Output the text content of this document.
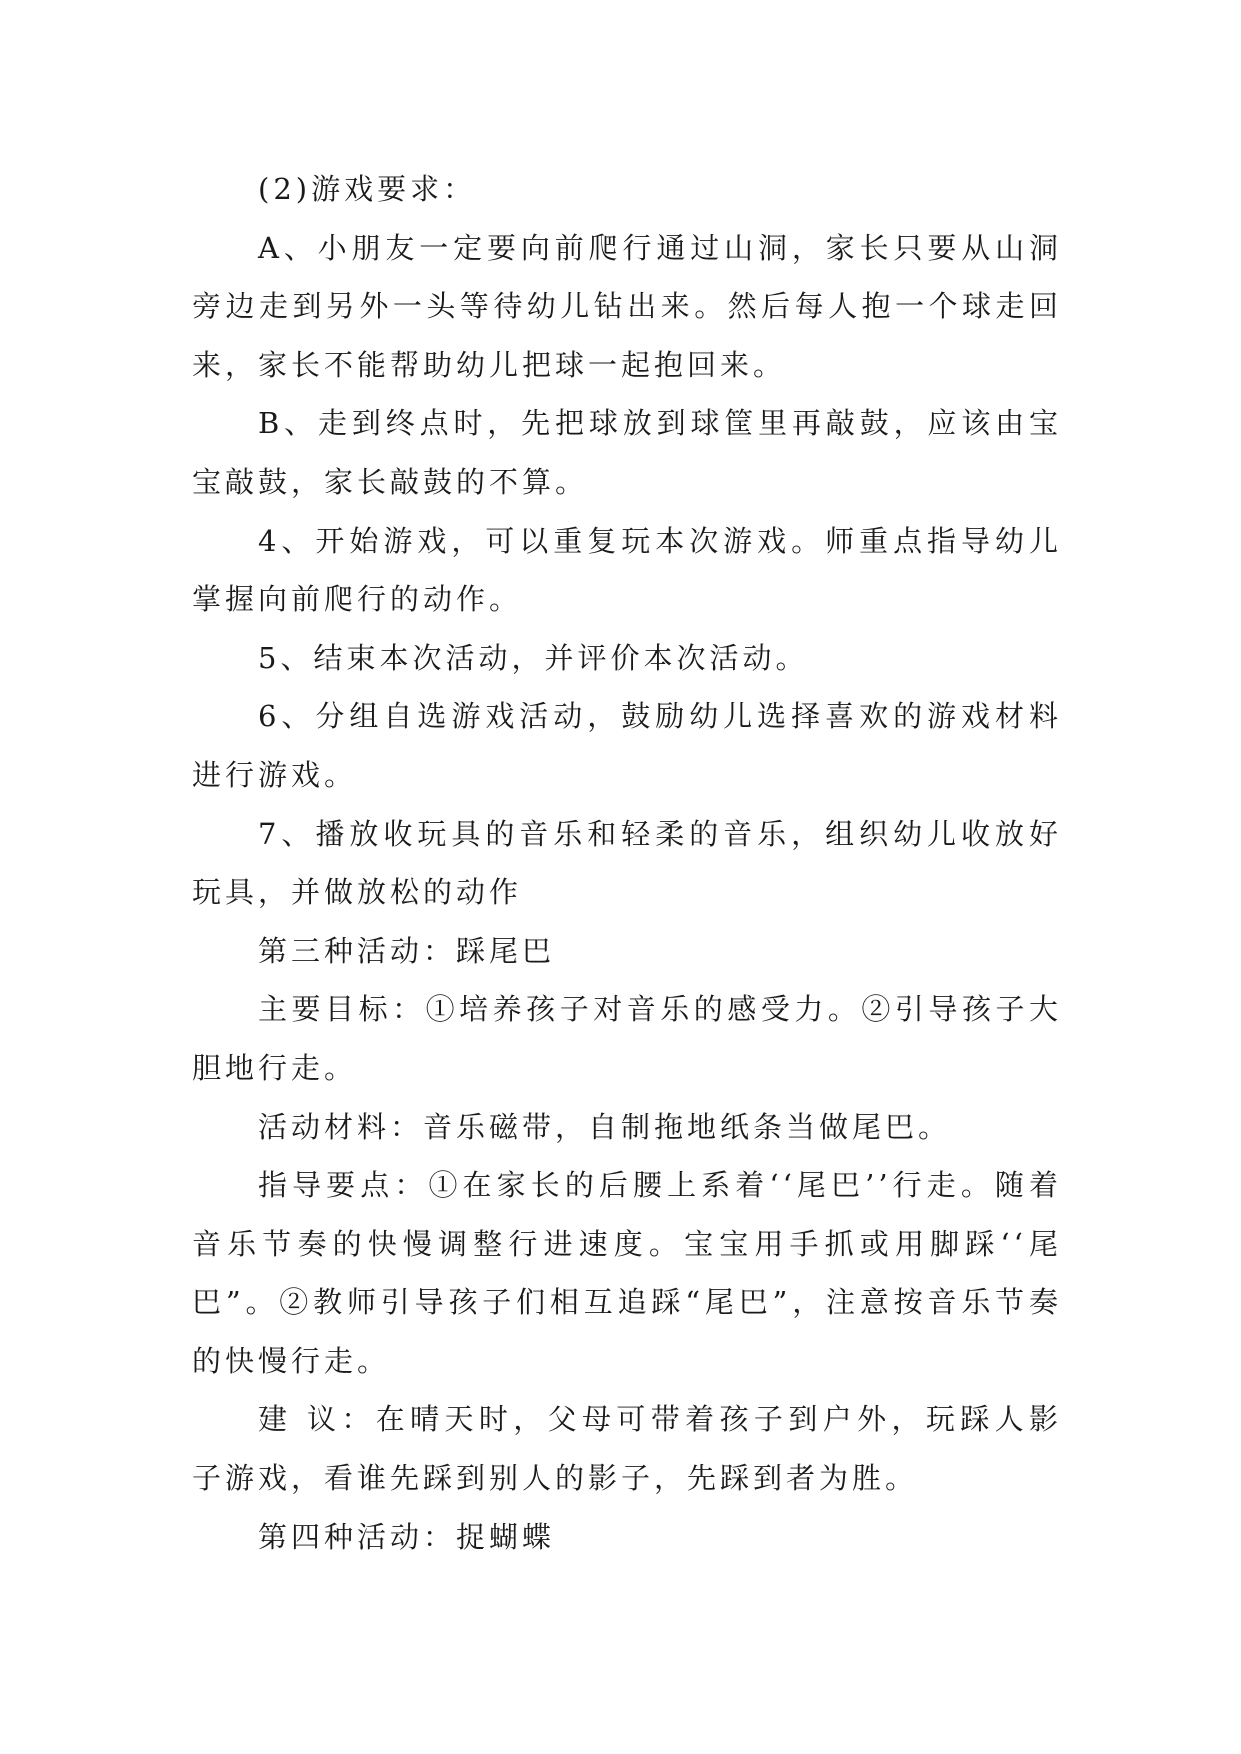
(2)游戏要求：

A、小朋友一定要向前爬行通过山洞，家长只要从山洞旁边走到另外一头等待幼儿钻出来。然后每人抱一个球走回来，家长不能帮助幼儿把球一起抱回来。

B、走到终点时，先把球放到球筐里再敲鼓，应该由宝宝敲鼓，家长敲鼓的不算。

4、开始游戏，可以重复玩本次游戏。师重点指导幼儿掌握向前爬行的动作。

5、结束本次活动，并评价本次活动。

6、分组自选游戏活动，鼓励幼儿选择喜欢的游戏材料进行游戏。

7、播放收玩具的音乐和轻柔的音乐，组织幼儿收放好玩具，并做放松的动作

第三种活动：踩尾巴

主要目标：①培养孩子对音乐的感受力。②引导孩子大胆地行走。

活动材料：音乐磁带，自制拖地纸条当做尾巴。

指导要点：①在家长的后腰上系着‘‘尾巴’’行走。随着音乐节奏的快慢调整行进速度。宝宝用手抓或用脚踩‘‘尾巴”。②教师引导孩子们相互追踩“尾巴”，注意按音乐节奏的快慢行走。

建 议：在晴天时，父母可带着孩子到户外，玩踩人影子游戏，看谁先踩到别人的影子，先踩到者为胜。

第四种活动：捉蝴蝶
